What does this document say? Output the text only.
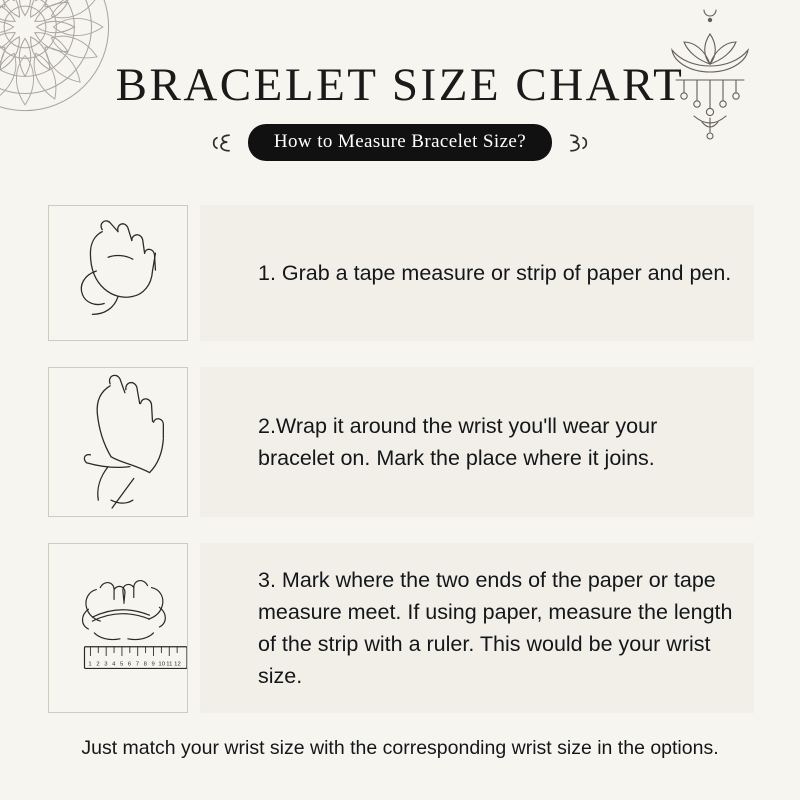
BRACELET SIZE CHART
How to Measure Bracelet Size?
1. Grab a tape measure or strip of paper and pen.
2.Wrap it around the wrist you'll wear your bracelet on. Mark the place where it joins.
1 2 3 4 5 6 7 8 9 10 11 12
3. Mark where the two ends of the paper or tape measure meet. If using paper, measure the length of the strip with a ruler. This would be your wrist size.
Just match your wrist size with the corresponding wrist size in the options.
